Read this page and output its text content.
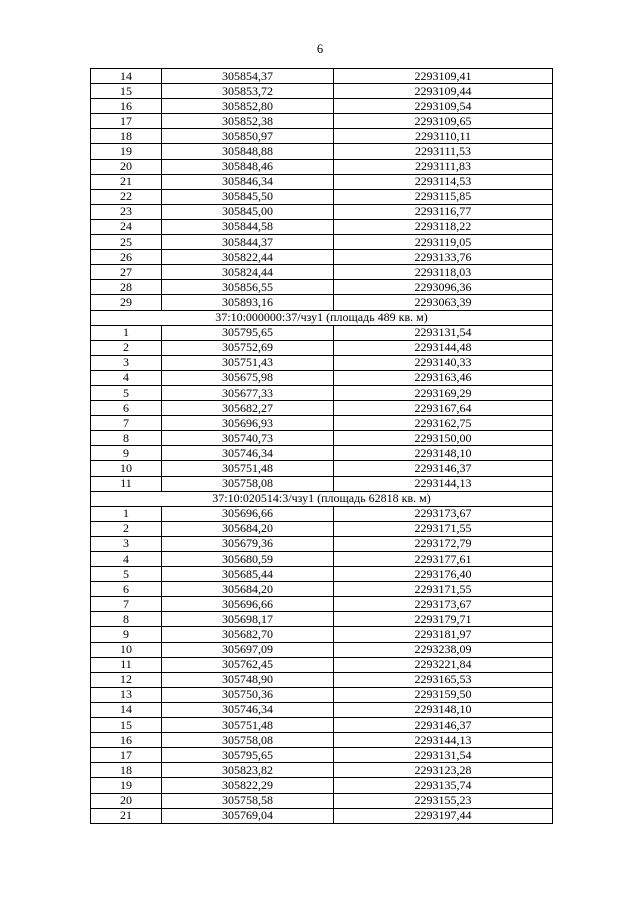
6
14	305854,37	2293109,41
15	305853,72	2293109,44
16	305852,80	2293109,54
17	305852,38	2293109,65
18	305850,97	2293110,11
19	305848,88	2293111,53
20	305848,46	2293111,83
21	305846,34	2293114,53
22	305845,50	2293115,85
23	305845,00	2293116,77
24	305844,58	2293118,22
25	305844,37	2293119,05
26	305822,44	2293133,76
27	305824,44	2293118,03
28	305856,55	2293096,36
29	305893,16	2293063,39
37:10:000000:37/чзу1 (площадь 489 кв. м)		
1	305795,65	2293131,54
2	305752,69	2293144,48
3	305751,43	2293140,33
4	305675,98	2293163,46
5	305677,33	2293169,29
6	305682,27	2293167,64
7	305696,93	2293162,75
8	305740,73	2293150,00
9	305746,34	2293148,10
10	305751,48	2293146,37
11	305758,08	2293144,13
37:10:020514:3/чзу1 (площадь 62818 кв. м)		
1	305696,66	2293173,67
2	305684,20	2293171,55
3	305679,36	2293172,79
4	305680,59	2293177,61
5	305685,44	2293176,40
6	305684,20	2293171,55
7	305696,66	2293173,67
8	305698,17	2293179,71
9	305682,70	2293181,97
10	305697,09	2293238,09
11	305762,45	2293221,84
12	305748,90	2293165,53
13	305750,36	2293159,50
14	305746,34	2293148,10
15	305751,48	2293146,37
16	305758,08	2293144,13
17	305795,65	2293131,54
18	305823,82	2293123,28
19	305822,29	2293135,74
20	305758,58	2293155,23
21	305769,04	2293197,44
